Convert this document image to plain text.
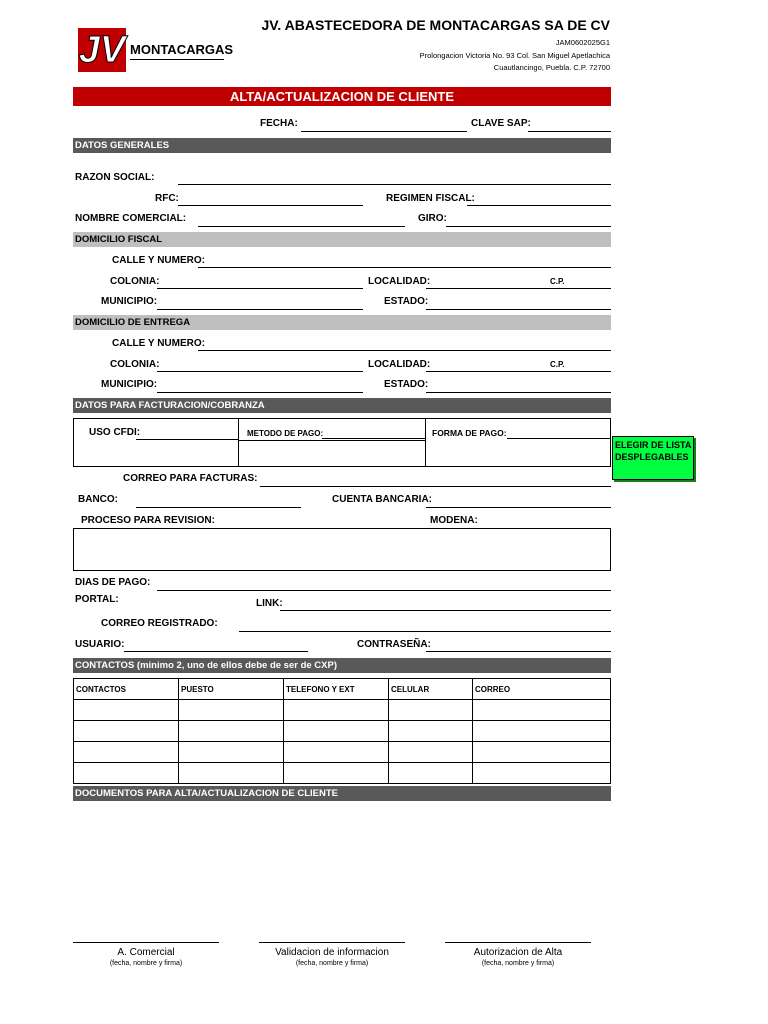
JV MONTACARGAS
JV. ABASTECEDORA DE MONTACARGAS SA DE CV
JAM0602025G1
Prolongacion Victoria No. 93 Col. San Miguel Apetlachica
Cuautlancingo, Puebla. C.P. 72700
ALTA/ACTUALIZACION DE CLIENTE
FECHA:	CLAVE SAP:
DATOS GENERALES
RAZON SOCIAL:
RFC:	REGIMEN FISCAL:
NOMBRE COMERCIAL:	GIRO:
DOMICILIO FISCAL
CALLE Y NUMERO:
COLONIA:	LOCALIDAD:	C.P.
MUNICIPIO:	ESTADO:
DOMICILIO DE ENTREGA
CALLE Y NUMERO:
COLONIA:	LOCALIDAD:	C.P.
MUNICIPIO:	ESTADO:
DATOS PARA FACTURACION/COBRANZA
USO CFDI:	METODO DE PAGO:	FORMA DE PAGO:
ELEGIR DE LISTA
DESPLEGABLES
CORREO PARA FACTURAS:
BANCO:	CUENTA BANCARIA:
PROCESO PARA REVISION:	MODENA:
DIAS DE PAGO:
PORTAL:	LINK:
CORREO REGISTRADO:
USUARIO:	CONTRASEÑA:
CONTACTOS (minimo 2, uno de ellos debe de ser de CXP)
CONTACTOS	PUESTO	TELEFONO Y EXT	CELULAR	CORREO

DOCUMENTOS PARA ALTA/ACTUALIZACION DE CLIENTE
A. Comercial
(fecha, nombre y firma)
Validacion de informacion
(fecha, nombre y firma)
Autorizacion de Alta
(fecha, nombre y firma)
